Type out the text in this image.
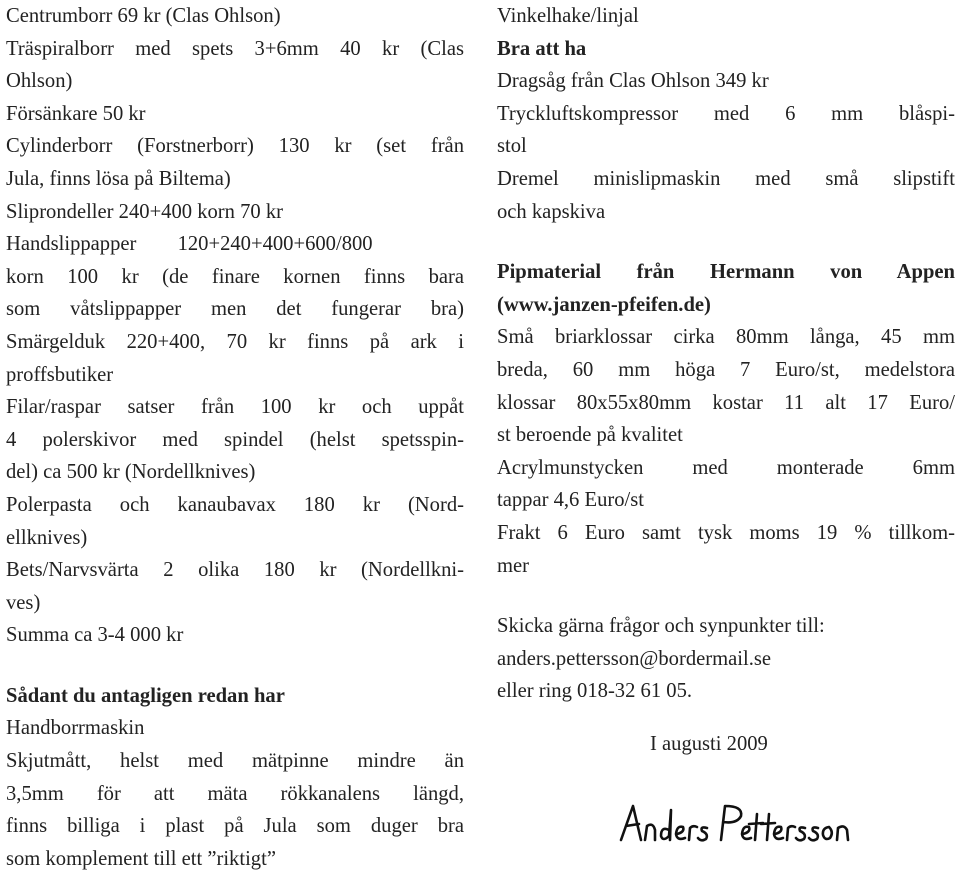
Centrumborr 69 kr (Clas Ohlson)
Träspiralborr med spets 3+6mm 40 kr (Clas
Ohlson)
Försänkare 50 kr
Cylinderborr (Forstnerborr) 130 kr (set från
Jula, finns lösa på Biltema)
Sliprondeller 240+400 korn 70 kr
Handslippapper        120+240+400+600/800
korn 100 kr (de finare kornen finns bara
som våtslippapper men det fungerar bra)
Smärgelduk 220+400, 70 kr finns på ark i
proffsbutiker
Filar/raspar satser från 100 kr och uppåt
4 polerskivor med spindel (helst spetsspin-
del) ca 500 kr (Nordellknives)
Polerpasta och kanaubavax 180 kr (Nord-
ellknives)
Bets/Narvsvärta 2 olika 180 kr (Nordellkni-
ves)
Summa ca 3-4 000 kr
Sådant du antagligen redan har
Handborrmaskin
Skjutmått, helst med mätpinne mindre än
3,5mm för att mäta rökkanalens längd,
finns billiga i plast på Jula som duger bra
som komplement till ett ”riktigt”
Vinkelhake/linjal
Bra att ha
Dragsåg från Clas Ohlson 349 kr
Tryckluftskompressor med 6 mm blåspi-
stol
Dremel minislipmaskin med små slipstift
och kapskiva
Pipmaterial från Hermann von Appen
(www.janzen-pfeifen.de)
Små briarklossar cirka 80mm långa, 45 mm
breda, 60 mm höga 7 Euro/st, medelstora
klossar 80x55x80mm kostar 11 alt 17 Euro/
st beroende på kvalitet
Acrylmunstycken med monterade 6mm
tappar 4,6 Euro/st
Frakt 6 Euro samt tysk moms 19 % tillkom-
mer
Skicka gärna frågor och synpunkter till:
anders.pettersson@bordermail.se
eller ring 018-32 61 05.
I augusti 2009
